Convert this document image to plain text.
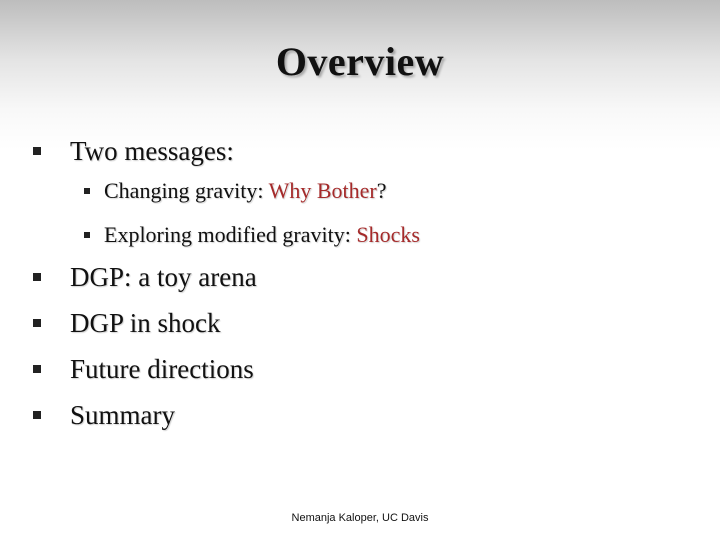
Overview
Two messages:
Changing gravity: Why Bother?
Exploring modified gravity: Shocks
DGP: a toy arena
DGP in shock
Future directions
Summary
Nemanja Kaloper, UC Davis
